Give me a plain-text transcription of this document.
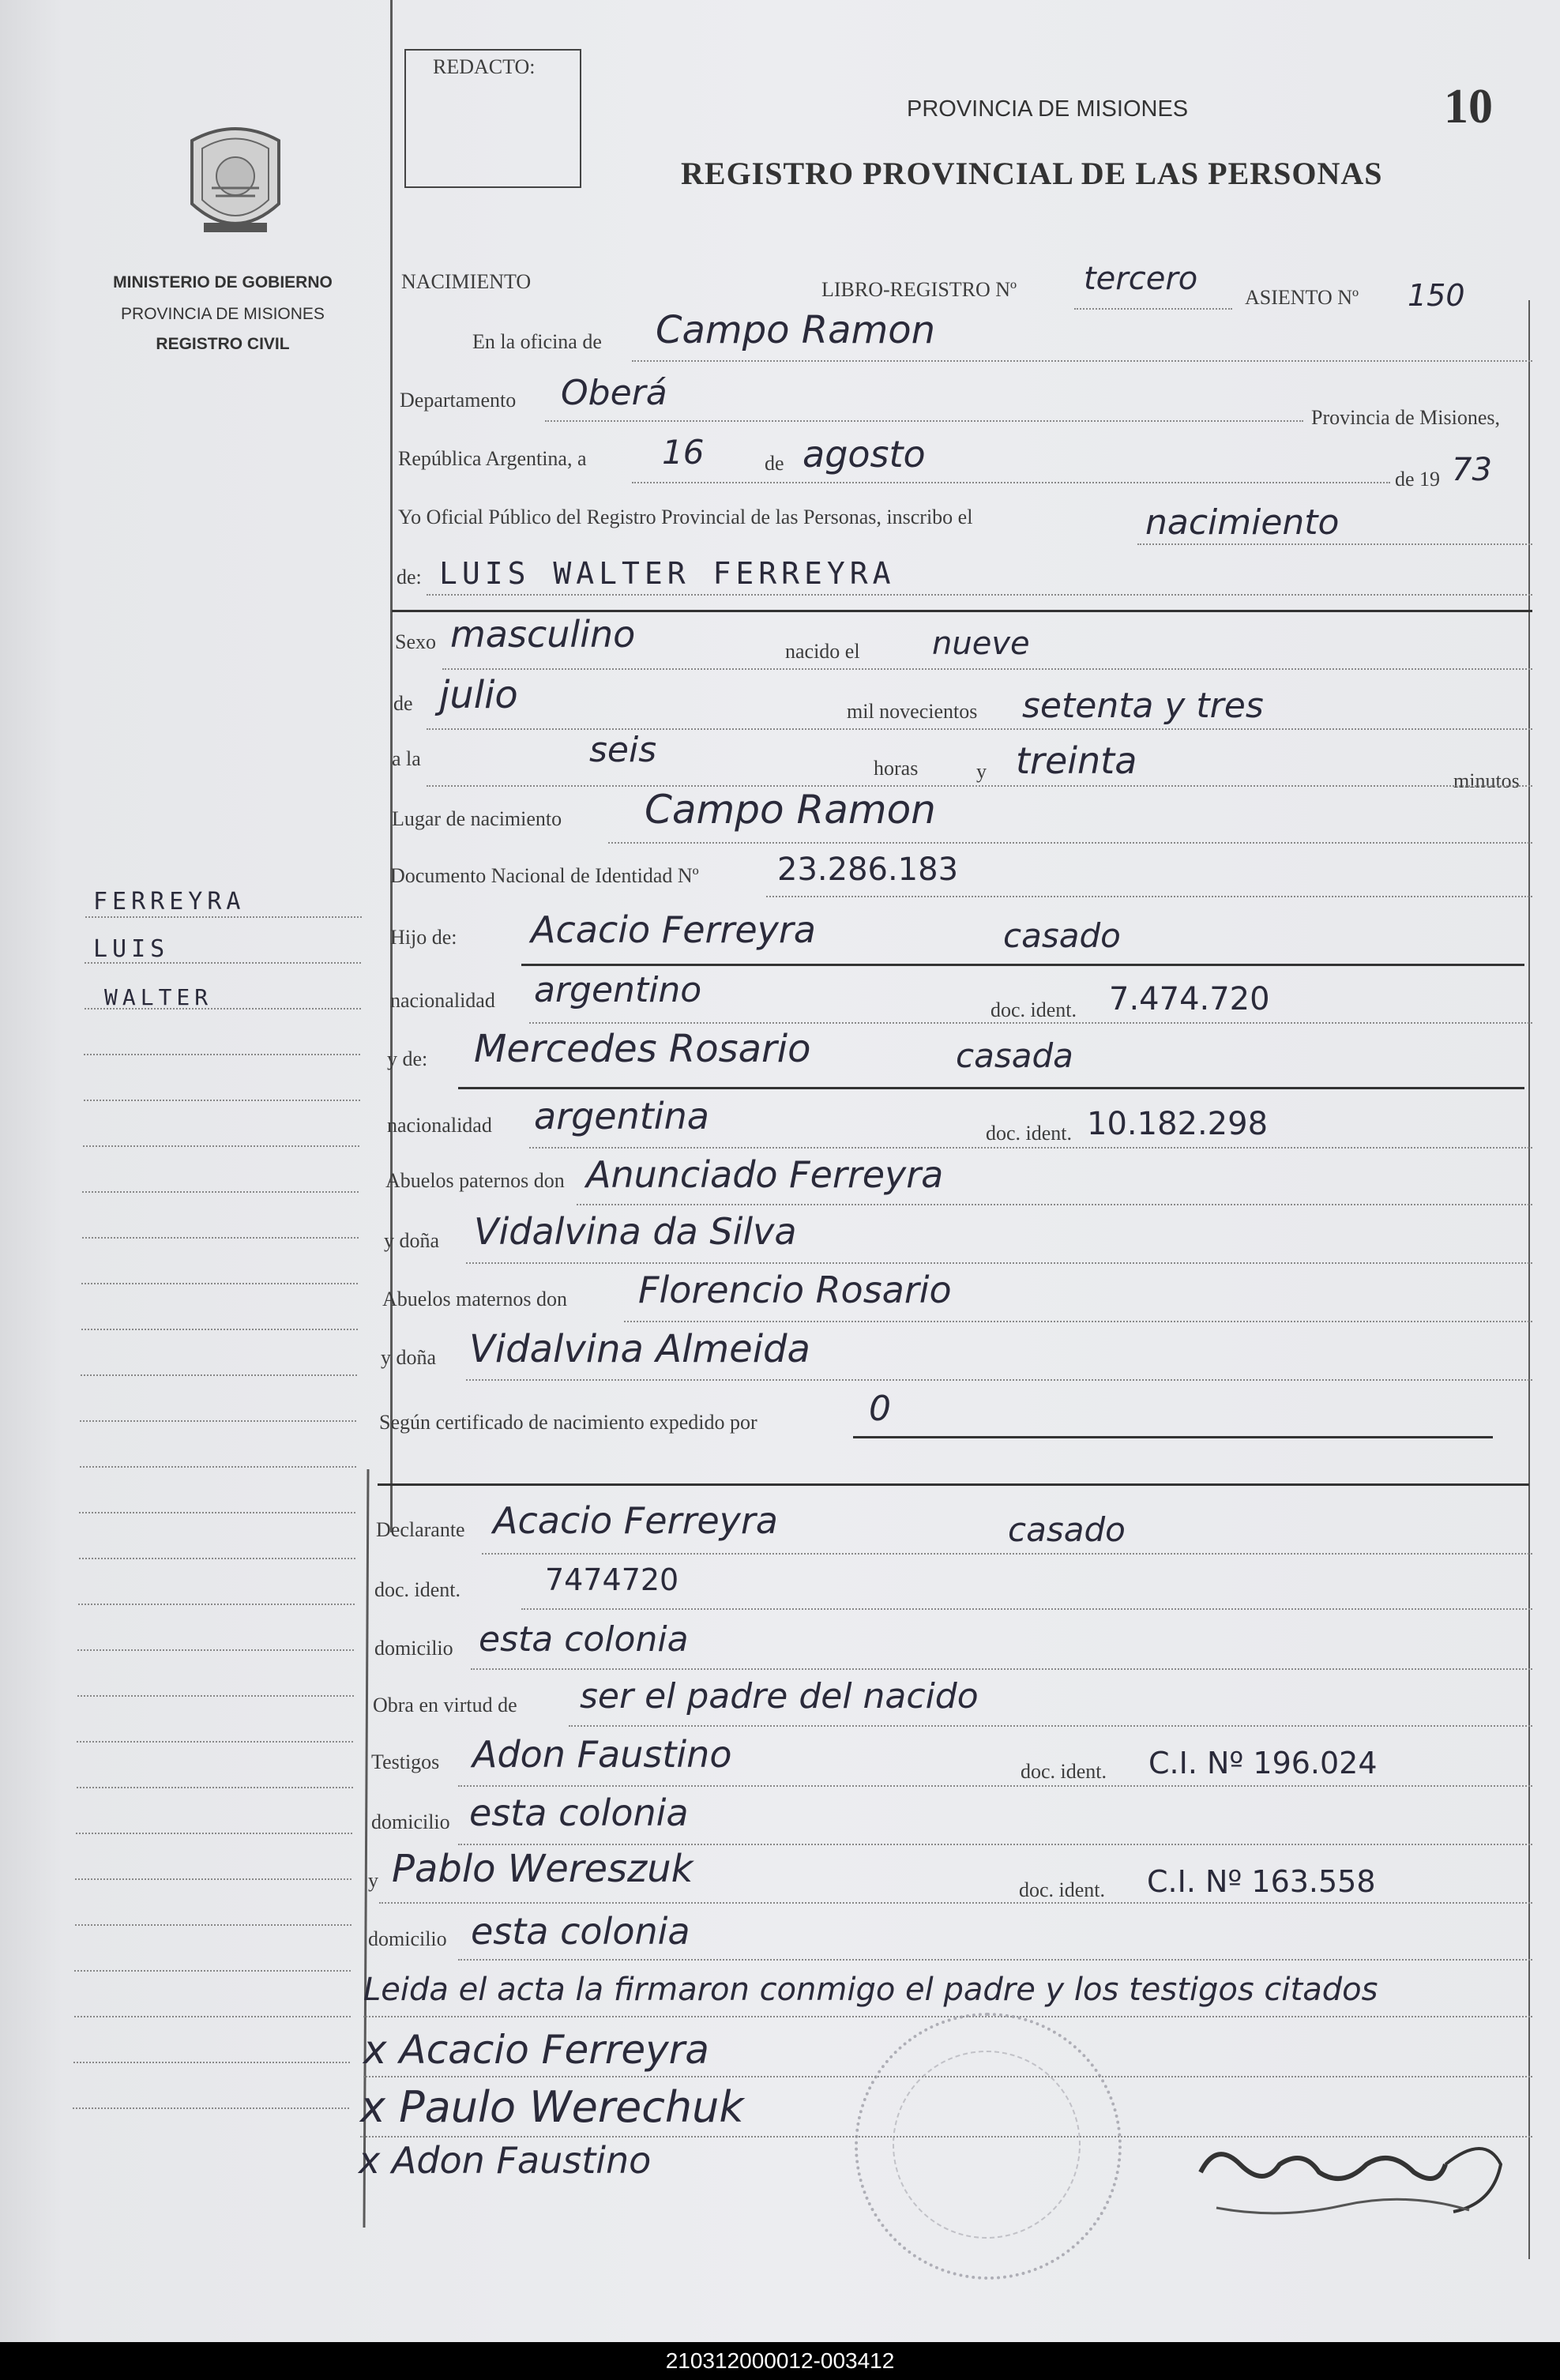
REDACTO:
PROVINCIA DE MISIONES
REGISTRO PROVINCIAL DE LAS PERSONAS
10
MINISTERIO DE GOBIERNO
PROVINCIA DE MISIONES
REGISTRO CIVIL
FERREYRA
LUIS
WALTER
NACIMIENTO	LIBRO-REGISTRO Nº tercero
ASIENTO Nº 150
En la oficina de Campo Ramon
Departamento Oberá
Provincia de Misiones,
República Argentina, a 16	de agosto
de 19 73
Yo Oficial Público del Registro Provincial de las Personas, inscribo el	nacimiento
de: LUIS WALTER FERREYRA
Sexo masculino	nacido el nueve
de julio	mil novecientos setenta y tres
a la	seis	horas	y treinta	minutos
Lugar de nacimiento Campo Ramon
Documento Nacional de Identidad Nº 23.286.183
Hijo de: Acacio Ferreyra	casado
nacionalidad argentino	doc. ident. 7.474.720
y de: Mercedes Rosario	casada
nacionalidad argentina	doc. ident. 10.182.298
Abuelos paternos don Anunciado Ferreyra
y doña Vidalvina da Silva
Abuelos maternos don Florencio Rosario
y doña Vidalvina Almeida
Según certificado de nacimiento expedido por	0
Declarante Acacio Ferreyra	casado
doc. ident.	7474720
domicilio esta colonia
Obra en virtud de ser el padre del nacido
Testigos Adon Faustino	doc. ident. C.I. Nº 196.024
domicilio esta colonia
y Pablo Wereszuk	doc. ident. C.I. Nº 163.558
domicilio esta colonia
Leida el acta la firmaron conmigo el padre y los testigos citados
x Acacio Ferreyra
x Paulo Werechuk
x Adon Faustino
210312000012-003412
